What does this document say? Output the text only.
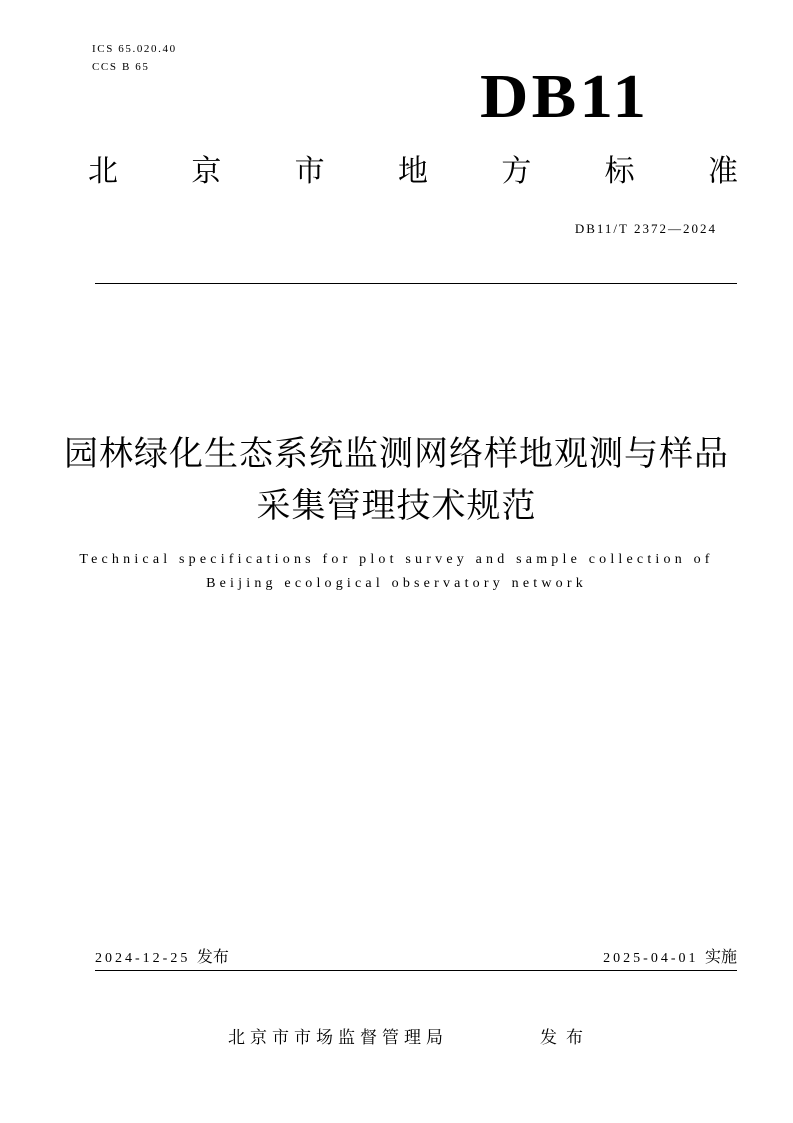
ICS 65.020.40
CCS B 65	DB11
北 京 市 地 方 标 准
DB11/T 2372—2024
园林绿化生态系统监测网络样地观测与样品采集管理技术规范
Technical specifications for plot survey and sample collection of Beijing ecological observatory network
2024-12-25 发布	2025-04-01 实施
北京市市场监督管理局	发布
